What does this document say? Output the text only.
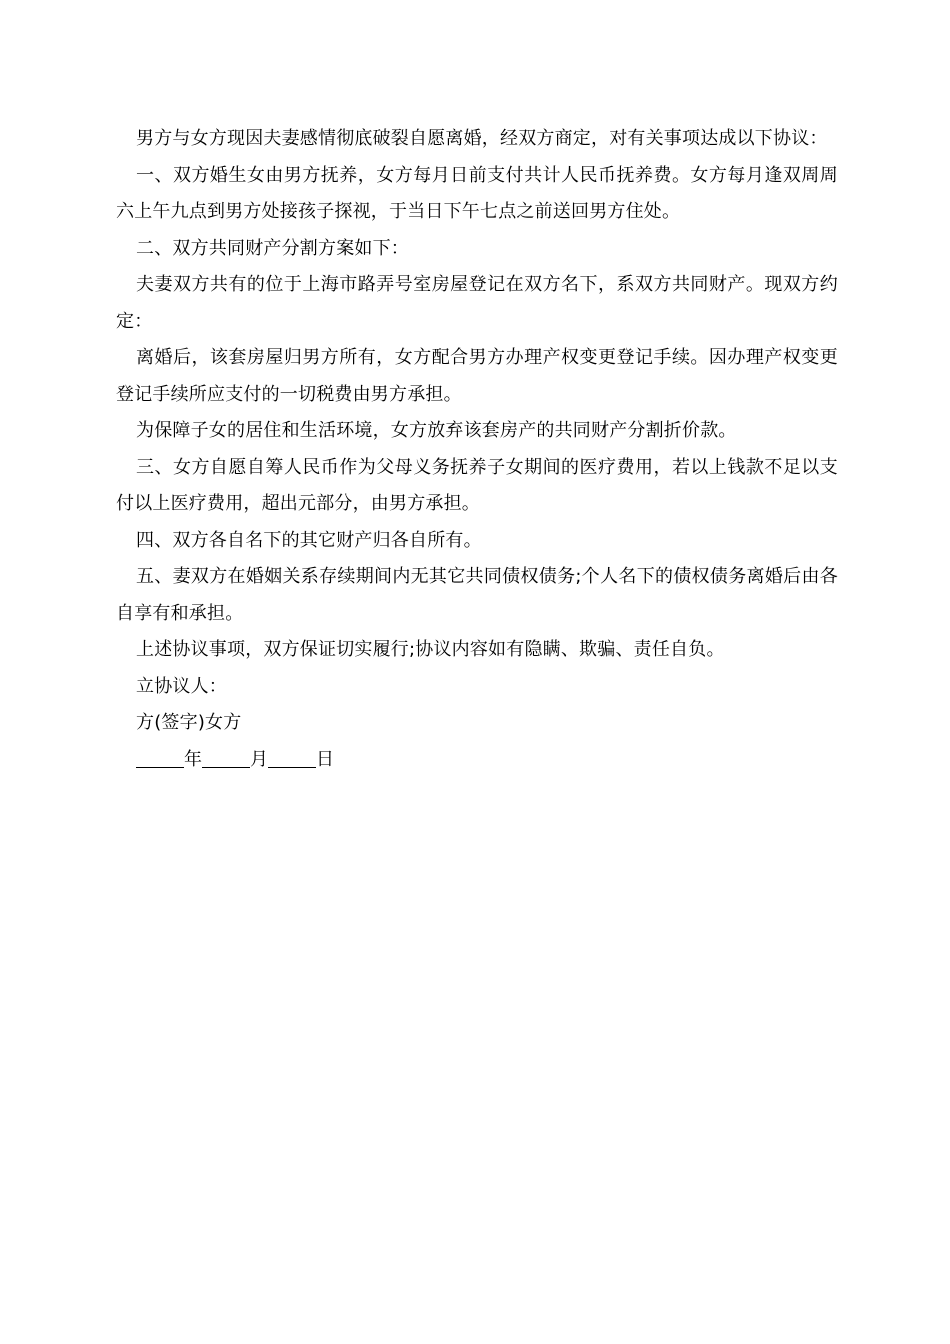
男方与女方现因夫妻感情彻底破裂自愿离婚，经双方商定，对有关事项达成以下协议：

一、双方婚生女由男方抚养，女方每月日前支付共计人民币抚养费。女方每月逢双周周六上午九点到男方处接孩子探视，于当日下午七点之前送回男方住处。

二、双方共同财产分割方案如下：

夫妻双方共有的位于上海市路弄号室房屋登记在双方名下，系双方共同财产。现双方约定：

离婚后，该套房屋归男方所有，女方配合男方办理产权变更登记手续。因办理产权变更登记手续所应支付的一切税费由男方承担。

为保障子女的居住和生活环境，女方放弃该套房产的共同财产分割折价款。

三、女方自愿自筹人民币作为父母义务抚养子女期间的医疗费用，若以上钱款不足以支付以上医疗费用，超出元部分，由男方承担。

四、双方各自名下的其它财产归各自所有。

五、妻双方在婚姻关系存续期间内无其它共同债权债务;个人名下的债权债务离婚后由各自享有和承担。

上述协议事项，双方保证切实履行;协议内容如有隐瞒、欺骗、责任自负。

立协议人：

方(签字)女方

年	月	日
